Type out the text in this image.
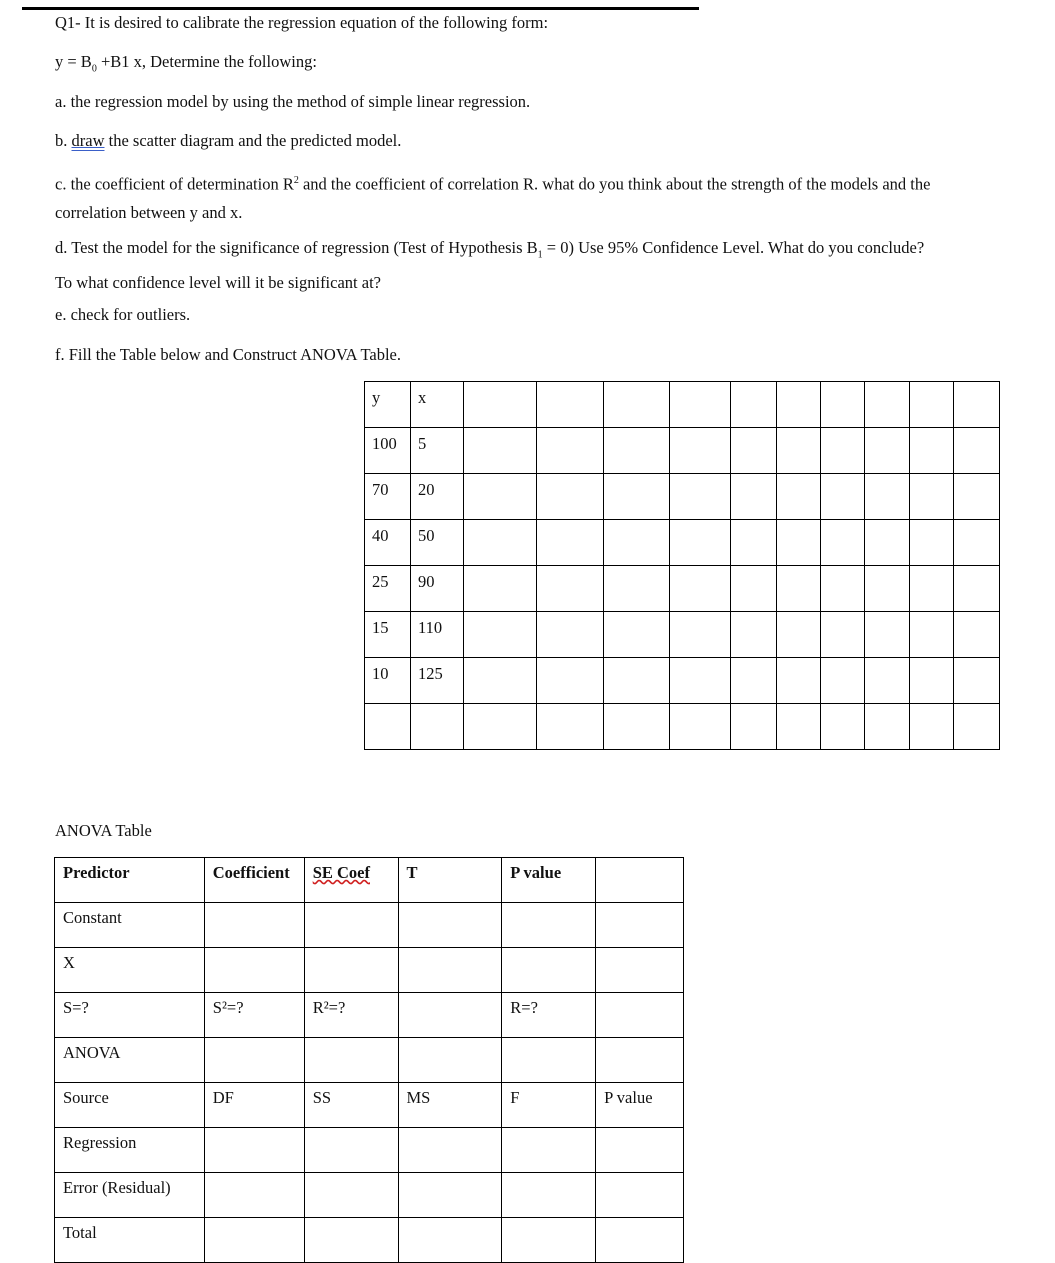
Q1- It is desired to calibrate the regression equation of the following form:
$y = B_0 +B1$ x, Determine the following:
a. the regression model by using the method of simple linear regression.
b. draw the scatter diagram and the predicted model.
c. the coefficient of determination $R^2$ and the coefficient of correlation R. what do you think about the strength of the models and the correlation between y and x.
d. Test the model for the significance of regression (Test of Hypothesis $B_1 = 0$) Use 95% Confidence Level. What do you conclude? To what confidence level will it be significant at?
e. check for outliers.
f. Fill the Table below and Construct ANOVA Table.
y	x										
100	5										
70	20										
40	50										
25	90										
15	110										
10	125										

ANOVA Table
Predictor	Coefficient	SE Coef	T	P value	
Constant					
X					
S=?	S²=?	R²=?		R=?	
ANOVA					
Source	DF	SS	MS	F	P value
Regression					
Error (Residual)					
Total					
